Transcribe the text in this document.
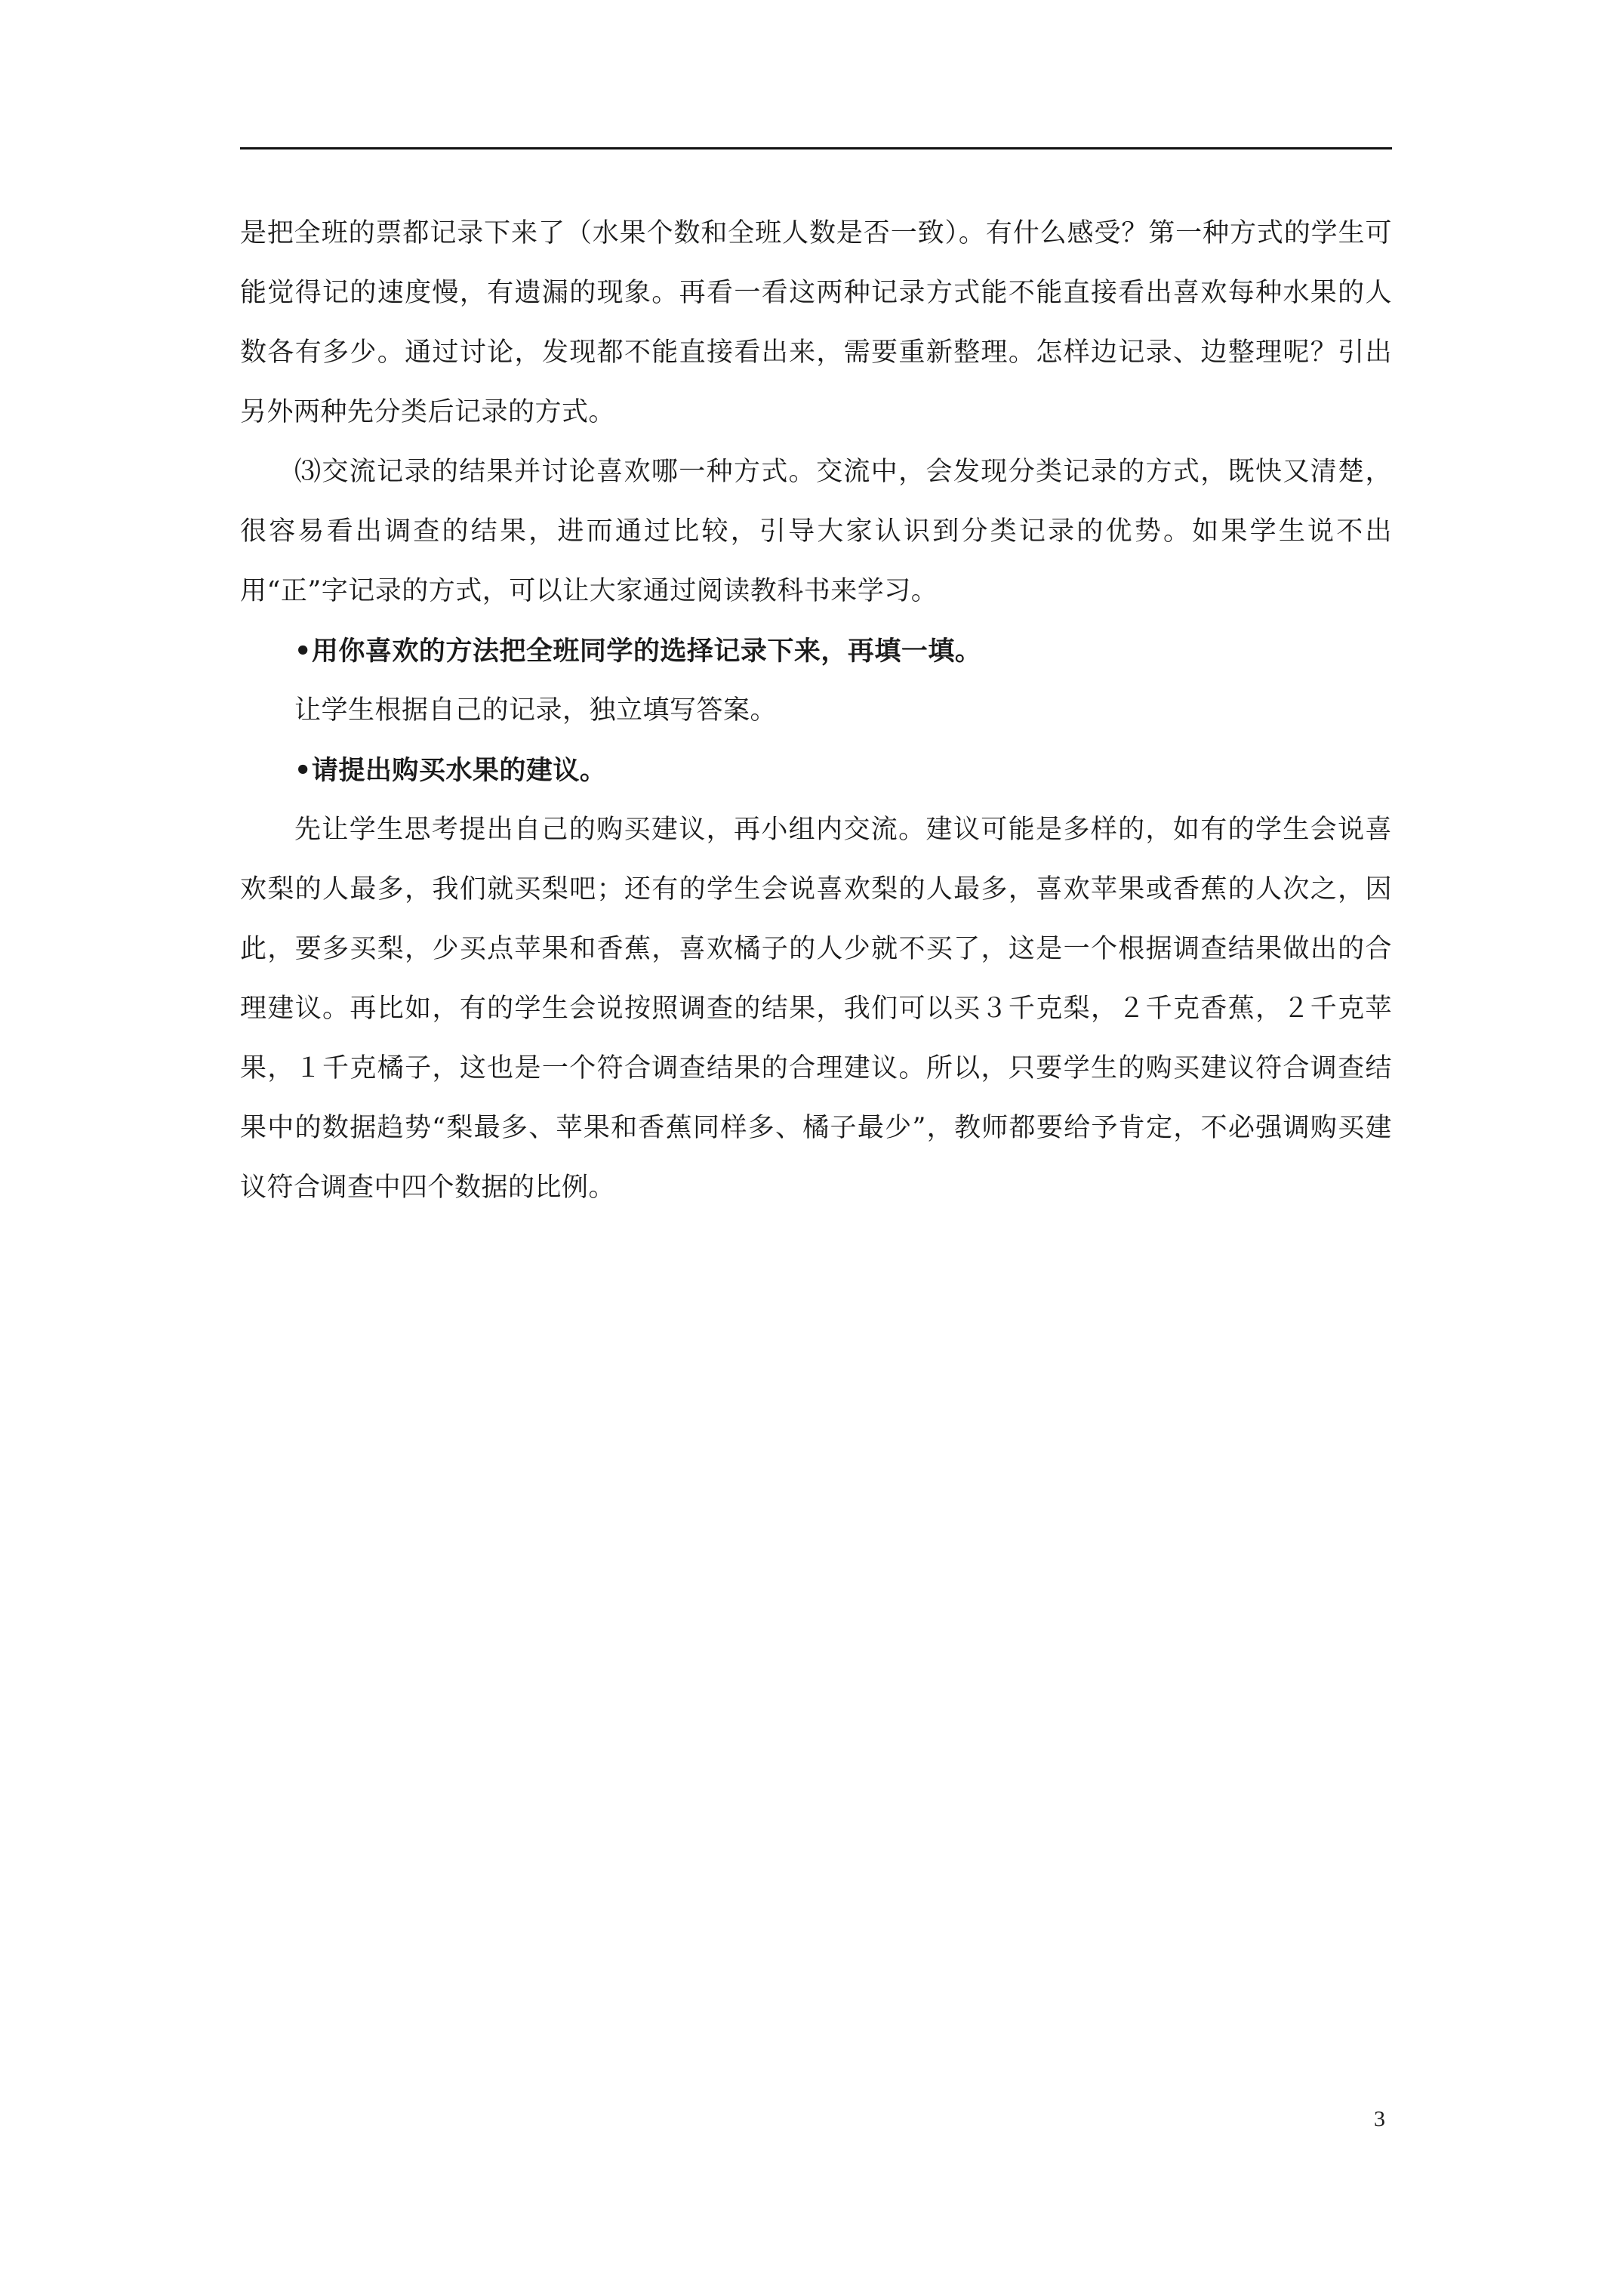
是把全班的票都记录下来了（水果个数和全班人数是否一致）。有什么感受？第一种方式的学生可能觉得记的速度慢，有遗漏的现象。再看一看这两种记录方式能不能直接看出喜欢每种水果的人数各有多少。通过讨论，发现都不能直接看出来，需要重新整理。怎样边记录、边整理呢？引出另外两种先分类后记录的方式。

⑶交流记录的结果并讨论喜欢哪一种方式。交流中，会发现分类记录的方式，既快又清楚，很容易看出调查的结果，进而通过比较，引导大家认识到分类记录的优势。如果学生说不出用“正”字记录的方式，可以让大家通过阅读教科书来学习。

•用你喜欢的方法把全班同学的选择记录下来，再填一填。

让学生根据自己的记录，独立填写答案。

•请提出购买水果的建议。

先让学生思考提出自己的购买建议，再小组内交流。建议可能是多样的，如有的学生会说喜欢梨的人最多，我们就买梨吧；还有的学生会说喜欢梨的人最多，喜欢苹果或香蕉的人次之，因此，要多买梨，少买点苹果和香蕉，喜欢橘子的人少就不买了，这是一个根据调查结果做出的合理建议。再比如，有的学生会说按照调查的结果，我们可以买３千克梨，２千克香蕉，２千克苹果，１千克橘子，这也是一个符合调查结果的合理建议。所以，只要学生的购买建议符合调查结果中的数据趋势“梨最多、苹果和香蕉同样多、橘子最少”，教师都要给予肯定，不必强调购买建议符合调查中四个数据的比例。

3
